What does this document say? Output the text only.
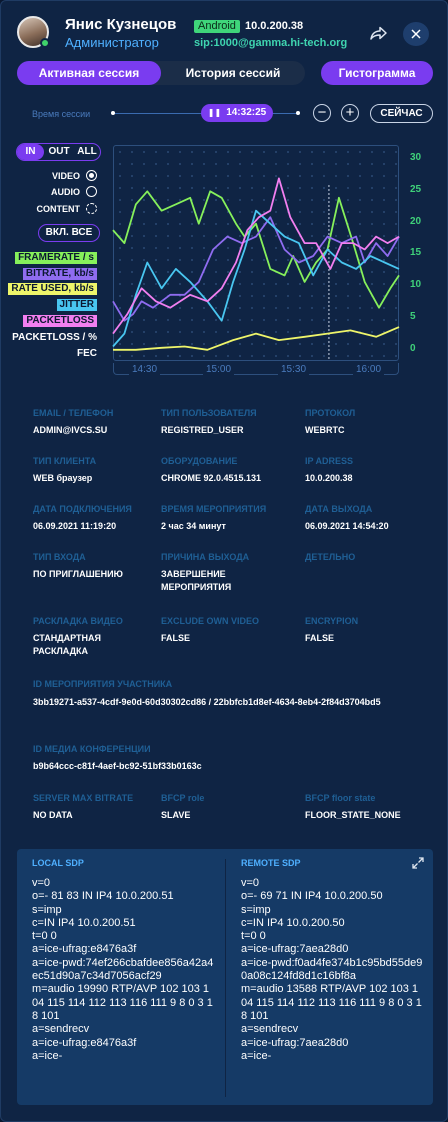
Янис Кузнецов
Администратор
Android 10.0.200.38
sip:1000@gamma.hi-tech.org
Активная сессия	История сессий	Гистограмма
Время сессии	❚❚ 14:32:25	−	+	СЕЙЧАС
IN	OUT ALL
VIDEO
AUDIO
CONTENT
ВКЛ. ВСЕ
FRAMERATE / s
BITRATE, kb/s
RATE USED, kb/s
JITTER
PACKETLOSS
PACKETLOSS / %
FEC
14:30	15:00	15:30	16:00
30
25
20
15
10
5
0
EMAIL / ТЕЛЕФОН
ADMIN@IVCS.SU
ТИП ПОЛЬЗОВАТЕЛЯ
REGISTRED_USER
ПРОТОКОЛ
WEBRTC
ТИП КЛИЕНТА
WEB браузер
ОБОРУДОВАНИЕ
CHROME 92.0.4515.131
IP ADRESS
10.0.200.38
ДАТА ПОДКЛЮЧЕНИЯ
06.09.2021 11:19:20
ВРЕМЯ МЕРОПРИЯТИЯ
2 час 34 минут
ДАТА ВЫХОДА
06.09.2021 14:54:20
ТИП ВХОДА
ПО ПРИГЛАШЕНИЮ
ПРИЧИНА ВЫХОДА
ЗАВЕРШЕНИЕ МЕРОПРИЯТИЯ
ДЕТЕЛЬНО
РАСКЛАДКА ВИДЕО
СТАНДАРТНАЯ РАСКЛАДКА
EXCLUDE OWN VIDEO
FALSE
ENCRYPION
FALSE
ID МЕРОПРИЯТИЯ УЧАСТНИКА
3bb19271-a537-4cdf-9e0d-60d30302cd86 / 22bbfcb1d8ef-4634-8eb4-2f84d3704bd5
ID МЕДИА КОНФЕРЕНЦИИ
b9b64ccc-c81f-4aef-bc92-51bf33b0163c
SERVER MAX BITRATE
NO DATA
BFCP role
SLAVE
BFCP floor state
FLOOR_STATE_NONE
LOCAL SDP	REMOTE SDP
v=0
o=- 81 83 IN IP4 10.0.200.51
s=imp
c=IN IP4 10.0.200.51
t=0 0
a=ice-ufrag:e8476a3f
a=ice-pwd:74ef266cbafdee856a42a4ec51d90a7c34d7056acf29
m=audio 19990 RTP/AVP 102 103 104 115 114 112 113 116 111 9 8 0 3 18 101
a=sendrecv
a=ice-ufrag:e8476a3f
a=ice-
v=0
o=- 69 71 IN IP4 10.0.200.50
s=imp
c=IN IP4 10.0.200.50
t=0 0
a=ice-ufrag:7aea28d0
a=ice-pwd:f0ad4fe374b1c95bd55de90a08c124fd8d1c16bf8a
m=audio 13588 RTP/AVP 102 103 104 115 114 112 113 116 111 9 8 0 3 18 101
a=sendrecv
a=ice-ufrag:7aea28d0
a=ice-
